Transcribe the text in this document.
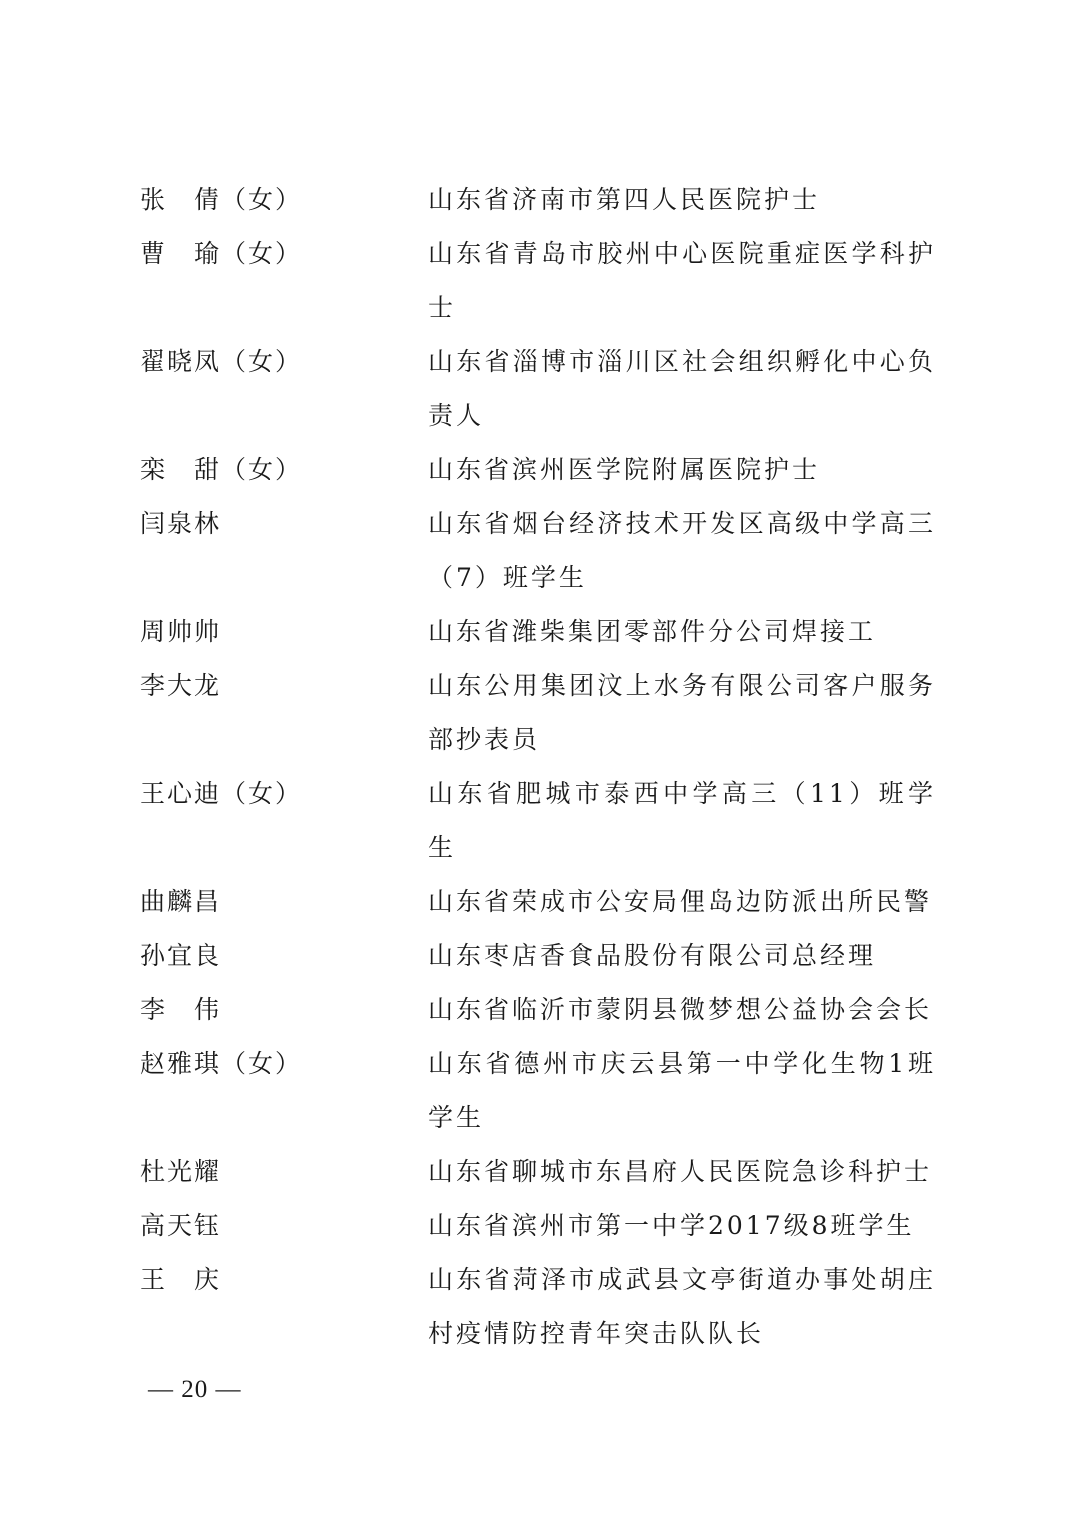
张　倩（女）	山东省济南市第四人民医院护士
曹　瑜（女）	山东省青岛市胶州中心医院重症医学科护士
翟晓凤（女）	山东省淄博市淄川区社会组织孵化中心负责人
栾　甜（女）	山东省滨州医学院附属医院护士
闫泉林	山东省烟台经济技术开发区高级中学高三（7）班学生
周帅帅	山东省潍柴集团零部件分公司焊接工
李大龙	山东公用集团汶上水务有限公司客户服务部抄表员
王心迪（女）	山东省肥城市泰西中学高三（11）班学生
曲麟昌	山东省荣成市公安局俚岛边防派出所民警
孙宜良	山东枣店香食品股份有限公司总经理
李　伟	山东省临沂市蒙阴县微梦想公益协会会长
赵雅琪（女）	山东省德州市庆云县第一中学化生物1班学生
杜光耀	山东省聊城市东昌府人民医院急诊科护士
高天钰	山东省滨州市第一中学2017级8班学生
王　庆	山东省菏泽市成武县文亭街道办事处胡庄村疫情防控青年突击队队长
— 20 —
